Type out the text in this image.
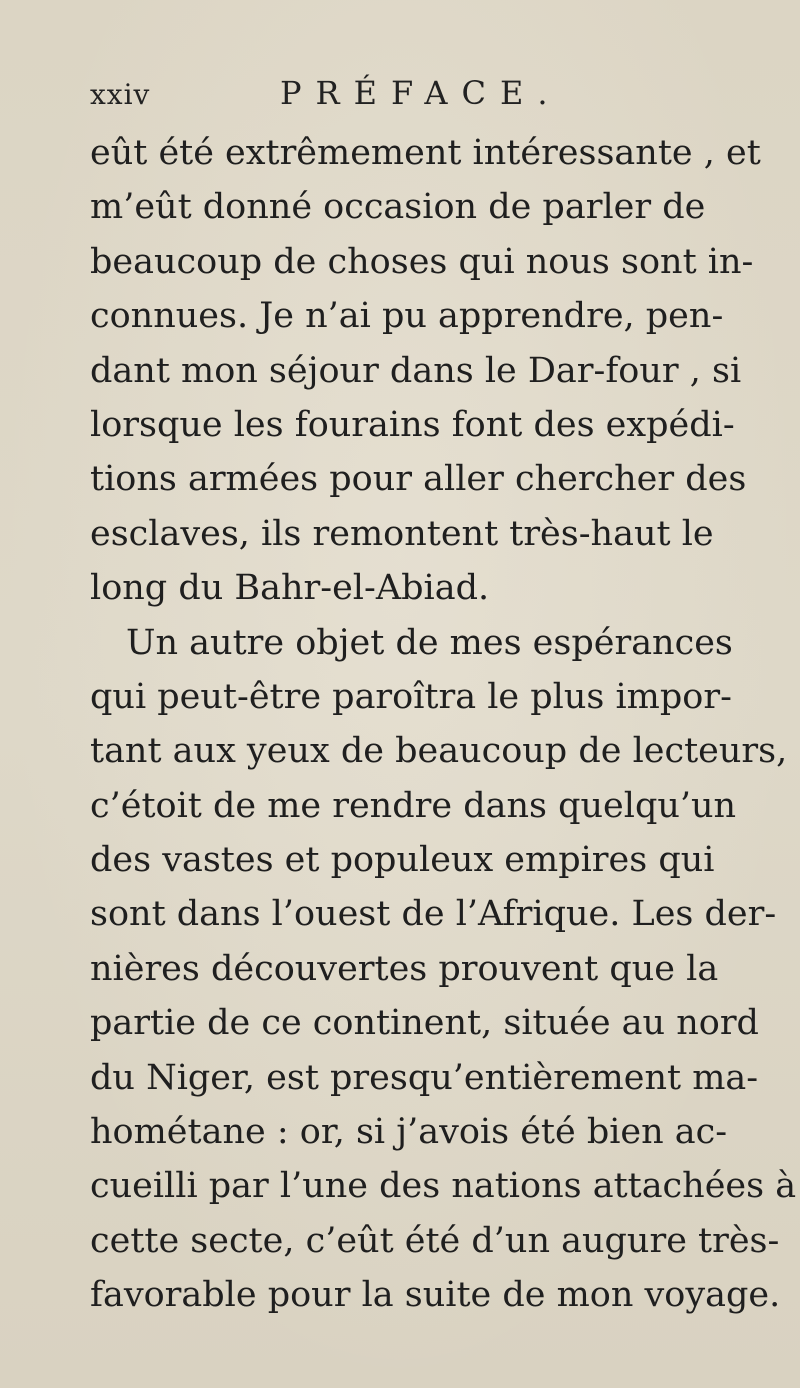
xxiv	PRÉFACE.
eût été extrêmement intéressante , et
m’eût donné occasion de parler de
beaucoup de choses qui nous sont in-
connues. Je n’ai pu apprendre, pen-
dant mon séjour dans le Dar-four , si
lorsque les fourains font des expédi-
tions armées pour aller chercher des
esclaves, ils remontent très-haut le
long du Bahr-el-Abiad.
Un autre objet de mes espérances
qui peut-être paroîtra le plus impor-
tant aux yeux de beaucoup de lecteurs,
c’étoit de me rendre dans quelqu’un
des vastes et populeux empires qui
sont dans l’ouest de l’Afrique. Les der-
nières découvertes prouvent que la
partie de ce continent, située au nord
du Niger, est presqu’entièrement ma-
hométane : or, si j’avois été bien ac-
cueilli par l’une des nations attachées à
cette secte, c’eût été d’un augure très-
favorable pour la suite de mon voyage.
